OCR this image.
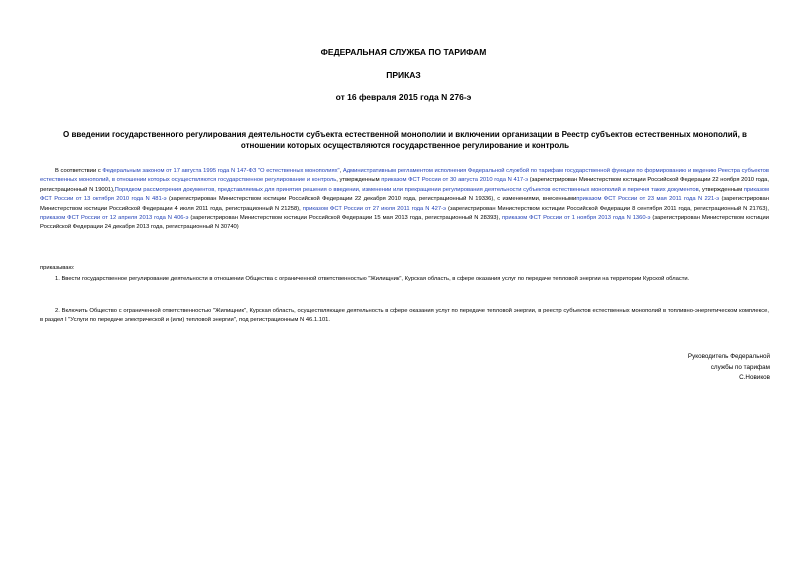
ФЕДЕРАЛЬНАЯ СЛУЖБА ПО ТАРИФАМ
ПРИКАЗ
от 16 февраля 2015 года N 276-э
О введении государственного регулирования деятельности субъекта естественной монополии и включении организации в Реестр субъектов естественных монополий, в отношении которых осуществляются государственное регулирование и контроль
В соответствии с Федеральным законом от 17 августа 1995 года N 147-ФЗ "О естественных монополиях", Административным регламентом исполнения Федеральной службой по тарифам государственной функции по формированию и ведению Реестра субъектов естественных монополий, в отношении которых осуществляются государственное регулирование и контроль, утвержденным приказом ФСТ России от 30 августа 2010 года N 417-э (зарегистрирован Министерством юстиции Российской Федерации 22 ноября 2010 года, регистрационный N 19001),Порядком рассмотрения документов, представляемых для принятия решения о введении, изменении или прекращении регулирования деятельности субъектов естественных монополий и перечня таких документов, утвержденным приказом ФСТ России от 13 октября 2010 года N 481-э (зарегистрирован Министерством юстиции Российской Федерации 22 декабря 2010 года, регистрационный N 19336), с изменениями, внесеннымиприказом ФСТ России от 23 мая 2011 года N 221-э (зарегистрирован Министерством юстиции Российской Федерации 4 июля 2011 года, регистрационный N 21258), приказом ФСТ России от 27 июля 2011 года N 427-э (зарегистрирован Министерством юстиции Российской Федерации 8 сентября 2011 года, регистрационный N 21763), приказом ФСТ России от 12 апреля 2013 года N 406-э (зарегистрирован Министерством юстиции Российской Федерации 15 мая 2013 года, регистрационный N 28393), приказом ФСТ России от 1 ноября 2013 года N 1360-э (зарегистрирован Министерством юстиции Российской Федерации 24 декабря 2013 года, регистрационный N 30740)
приказываю:
1. Ввести государственное регулирование деятельности в отношении Общества с ограниченной ответственностью "Жилищник", Курская область, в сфере оказания услуг по передаче тепловой энергии на территории Курской области.
2. Включить Общество с ограниченной ответственностью "Жилищник", Курская область, осуществляющее деятельность в сфере оказания услуг по передаче тепловой энергии, в реестр субъектов естественных монополий в топливно-энергетическом комплексе, в раздел I "Услуги по передаче электрической и (или) тепловой энергии", под регистрационным N 46.1.101.
Руководитель Федеральной
службы по тарифам
С.Новиков
